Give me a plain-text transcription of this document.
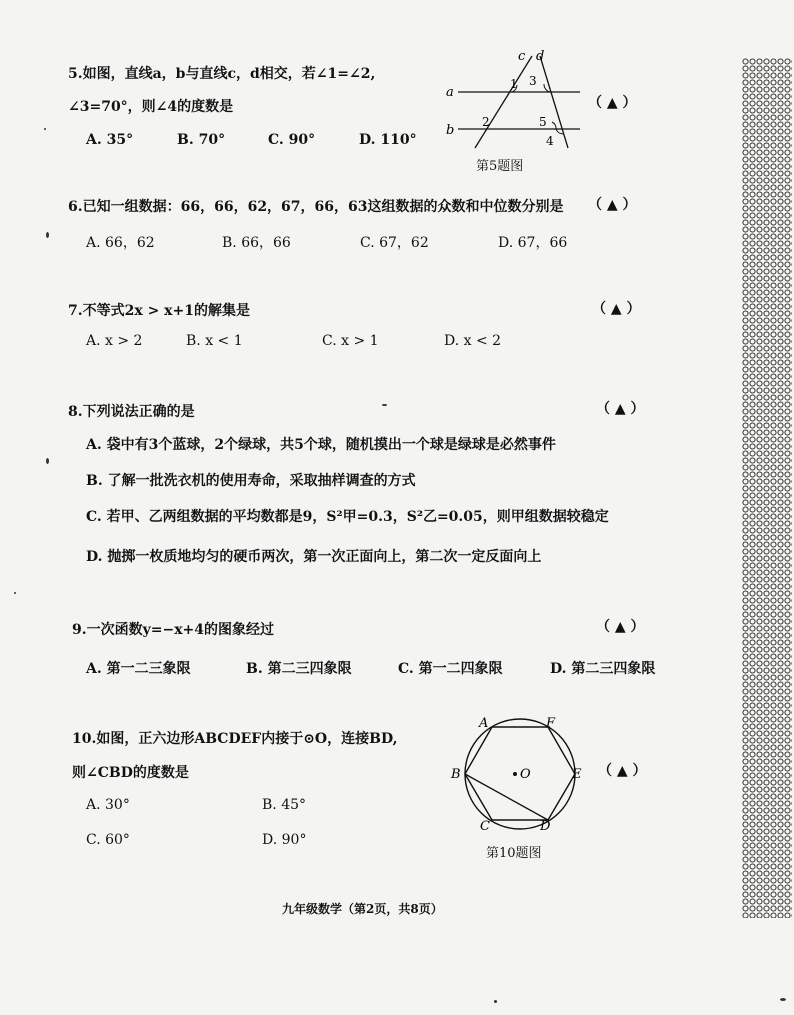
5.如图，直线a，b与直线c，d相交，若∠1=∠2,
∠3=70°，则∠4的度数是	（ ▲ ）
A. 35°	B. 70°	C. 90°	D. 110°
a
b
c d
1 3
2	5
4
第5题图
6.已知一组数据：66，66，62，67，66，63这组数据的众数和中位数分别是 （ ▲ ）
A. 66，62	B. 66，66	C. 67，62	D. 67，66
7.不等式2x > x+1的解集是	（ ▲ ）
A. x > 2	B. x < 1	C. x > 1	D. x < 2
8.下列说法正确的是	（ ▲ ）
A. 袋中有3个蓝球，2个绿球，共5个球，随机摸出一个球是绿球是必然事件
B. 了解一批洗衣机的使用寿命，采取抽样调查的方式
C. 若甲、乙两组数据的平均数都是9，S²甲=0.3，S²乙=0.05，则甲组数据较稳定
D. 抛掷一枚质地均匀的硬币两次，第一次正面向上，第二次一定反面向上
9.一次函数y=−x+4的图象经过	（ ▲ ）
A. 第一二三象限	B. 第二三四象限	C. 第一二四象限	D. 第二三四象限
10.如图，正六边形ABCDEF内接于⊙O，连接BD,
则∠CBD的度数是	（ ▲ ）
A. 30°	B. 45°
C. 60°	D. 90°
A	F
B	E
C	D
O
第10题图
九年级数学（第2页，共8页）
